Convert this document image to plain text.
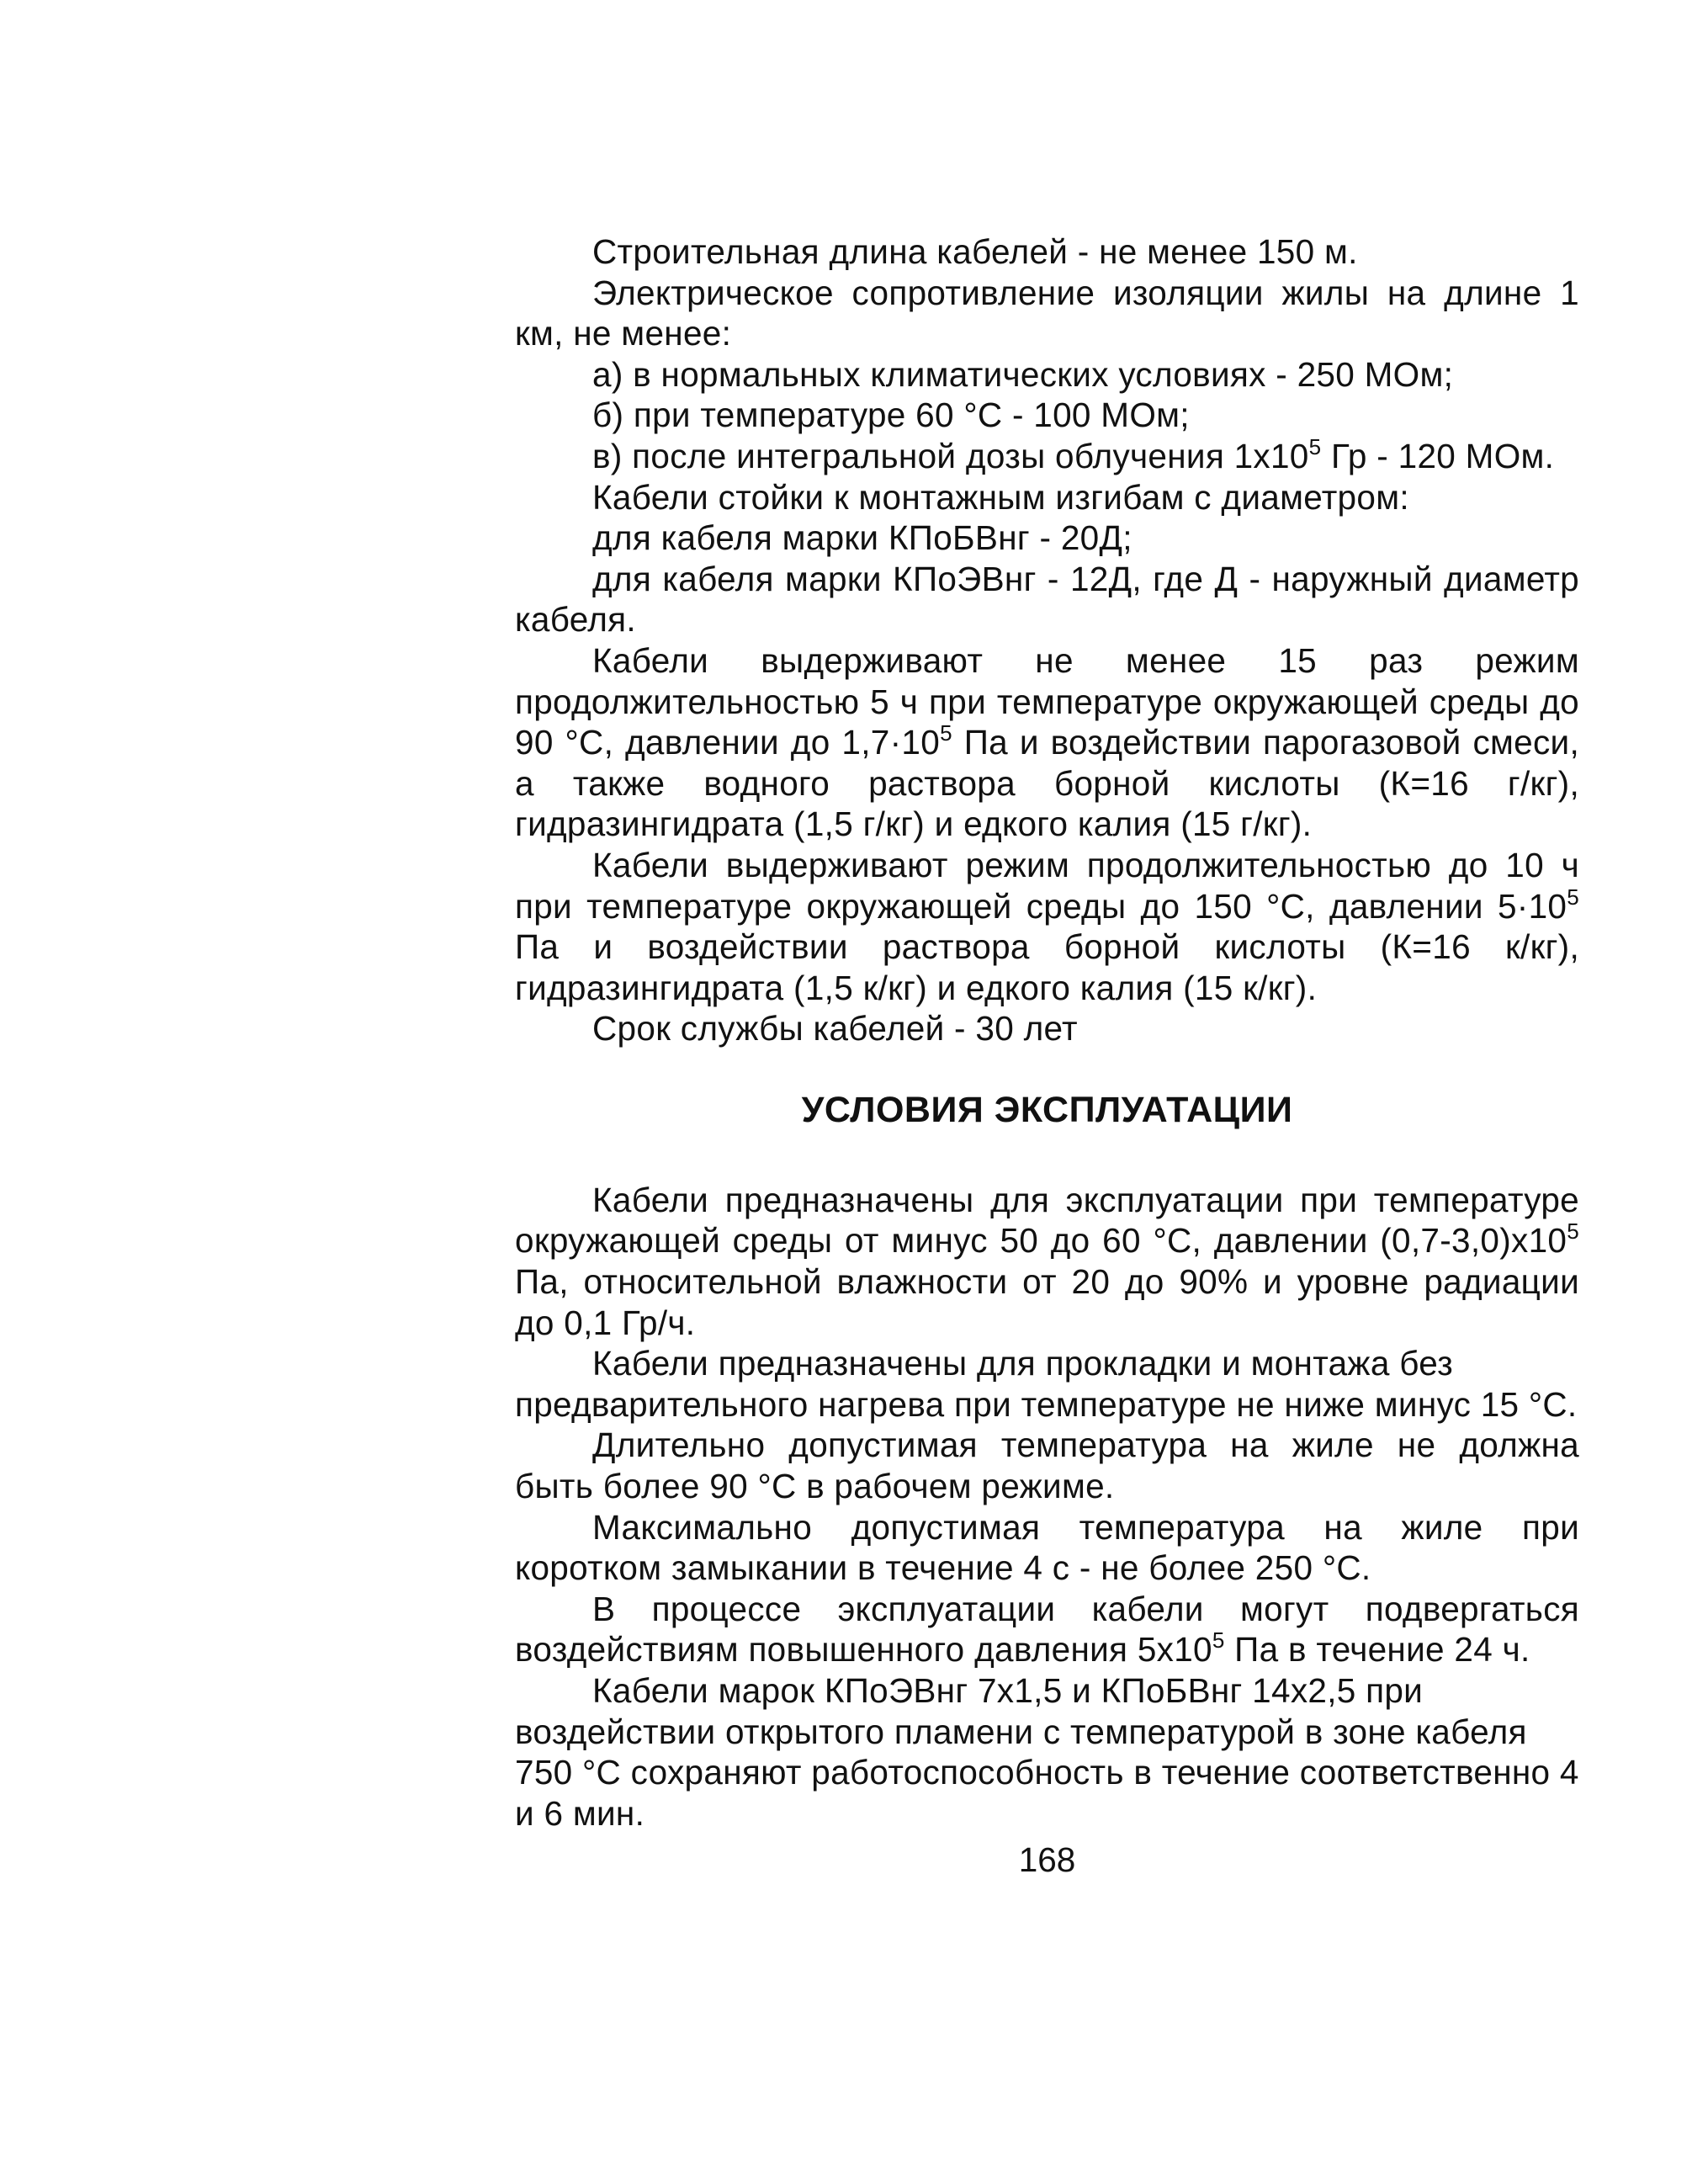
Строительная длина кабелей - не менее 150 м.

Электрическое сопротивление изоляции жилы на длине 1 км, не менее:

а) в нормальных климатических условиях - 250 МОм;

б) при температуре 60 °С - 100 МОм;

в) после интегральной дозы облучения $1х10^5$ Гр - 120 МОм.

Кабели стойки к монтажным изгибам с диаметром:

для кабеля марки КПоБВнг - 20Д;

для кабеля марки КПоЭВнг - 12Д, где Д - наружный диаметр кабеля.

Кабели выдерживают не менее 15 раз режим продолжительностью 5 ч при температуре окружающей среды до 90 °С, давлении до $1,7\cdot 10^5$ Па и воздействии парогазовой смеси, а также водного раствора борной кислоты (К=16 г/кг), гидразингидрата (1,5 г/кг) и едкого калия (15 г/кг).

Кабели выдерживают режим продолжительностью до 10 ч при температуре окружающей среды до 150 °С, давлении $5\cdot 10^5$ Па и воздействии раствора борной кислоты (К=16 к/кг), гидразингидрата (1,5 к/кг) и едкого калия (15 к/кг).

Срок службы кабелей - 30 лет

УСЛОВИЯ ЭКСПЛУАТАЦИИ

Кабели предназначены для эксплуатации при температуре окружающей среды от минус 50 до 60 °С, давлении $(0,7-3,0)х10^5$ Па, относительной влажности от 20 до 90% и уровне радиации до 0,1 Гр/ч.

Кабели предназначены для прокладки и монтажа без предварительного нагрева при температуре не ниже минус 15 °С.

Длительно допустимая температура на жиле не должна быть более 90 °С в рабочем режиме.

Максимально допустимая температура на жиле при коротком замыкании в течение 4 с - не более 250 °С.

В процессе эксплуатации кабели могут подвергаться воздействиям повышенного давления $5х10^5$ Па в течение 24 ч.

Кабели марок КПоЭВнг 7х1,5 и КПоБВнг 14х2,5 при воздействии открытого пламени с температурой в зоне кабеля 750 °С сохраняют работоспособность в течение соответственно 4 и 6 мин.

168
